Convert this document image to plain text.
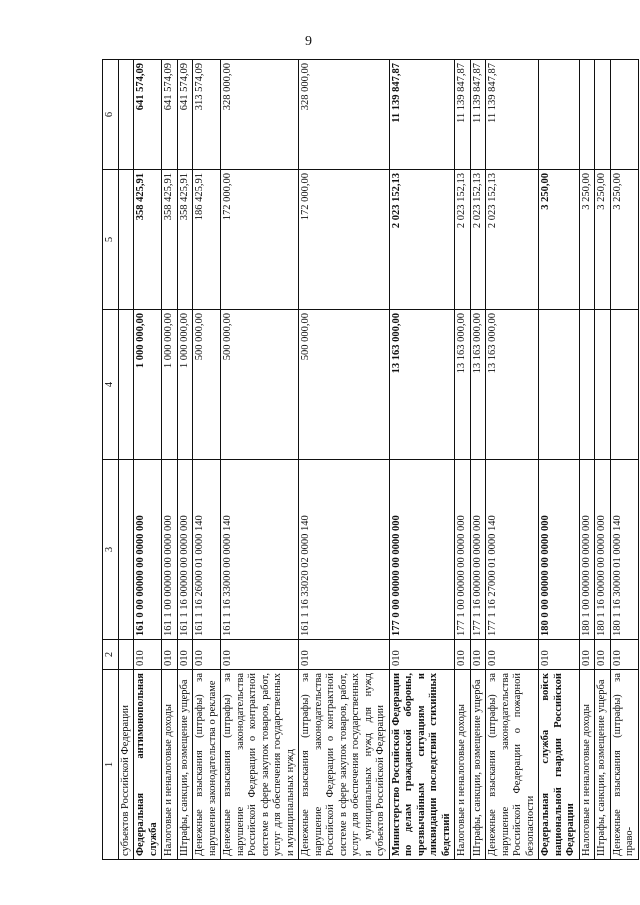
9
1	2	3	4	5	6
субъектов Российской Федерации					
Федеральная антимонопольная служба	010	161 0 00 00000 00 0000 000	1 000 000,00	358 425,91	641 574,09
Налоговые и неналоговые доходы	010	161 1 00 00000 00 0000 000	1 000 000,00	358 425,91	641 574,09
Штрафы, санкции, возмещение ущерба	010	161 1 16 00000 00 0000 000	1 000 000,00	358 425,91	641 574,09
Денежные взыскания (штрафы) за нарушение законодательства о рекламе	010	161 1 16 26000 01 0000 140	500 000,00	186 425,91	313 574,09
Денежные взыскания (штрафы) за нарушение законодательства Российской Федерации о контрактной системе в сфере закупок товаров, работ, услуг для обеспечения государственных и муниципальных нужд	010	161 1 16 33000 00 0000 140	500 000,00	172 000,00	328 000,00
Денежные взыскания (штрафы) за нарушение законодательства Российской Федерации о контрактной системе в сфере закупок товаров, работ, услуг для обеспечения государственных и муниципальных нужд для нужд субъектов Российской Федерации	010	161 1 16 33020 02 0000 140	500 000,00	172 000,00	328 000,00
Министерство Российской Федерации по делам гражданской обороны, чрезвычайным ситуациям и ликвидации последствий стихийных бедствий	010	177 0 00 00000 00 0000 000	13 163 000,00	2 023 152,13	11 139 847,87
Налоговые и неналоговые доходы	010	177 1 00 00000 00 0000 000	13 163 000,00	2 023 152,13	11 139 847,87
Штрафы, санкции, возмещение ущерба	010	177 1 16 00000 00 0000 000	13 163 000,00	2 023 152,13	11 139 847,87
Денежные взыскания (штрафы) за нарушение законодательства Российской Федерации о пожарной безопасности	010	177 1 16 27000 01 0000 140	13 163 000,00	2 023 152,13	11 139 847,87
Федеральная служба войск национальной гвардии Российской Федерации	010	180 0 00 00000 00 0000 000		3 250,00	
Налоговые и неналоговые доходы	010	180 1 00 00000 00 0000 000		3 250,00	
Штрафы, санкции, возмещение ущерба	010	180 1 16 00000 00 0000 000		3 250,00	
Денежные взыскания (штрафы) за право-	010	180 1 16 30000 01 0000 140		3 250,00	
